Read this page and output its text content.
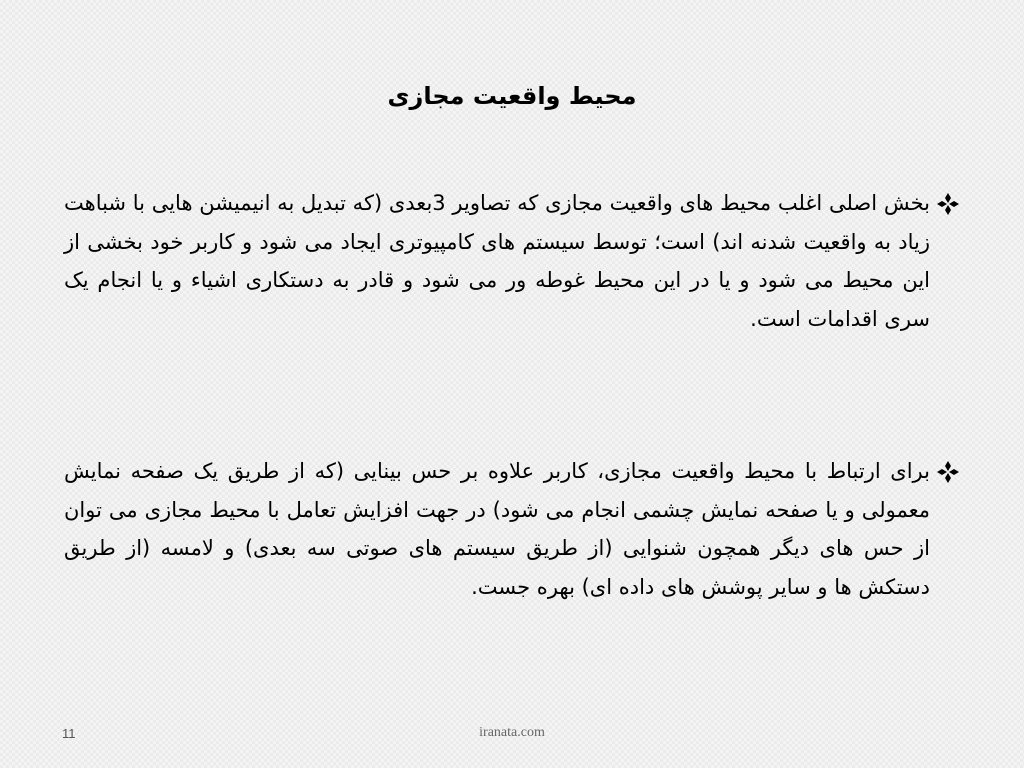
محیط واقعیت مجازی
بخش اصلی اغلب محیط های واقعیت مجازی که تصاویر 3بعدی (که تبدیل به انیمیشن هایی با شباهت زیاد به واقعیت شدنه اند) است؛ توسط سیستم های کامپیوتری ایجاد می شود و کاربر خود بخشی از این محیط می شود و یا در این محیط غوطه ور می شود و قادر به دستکاری اشیاء و یا انجام یک سری اقدامات است.
برای ارتباط با محیط واقعیت مجازی، کاربر علاوه بر حس بینایی (که از طریق یک صفحه نمایش معمولی و یا صفحه نمایش چشمی انجام می شود) در جهت افزایش تعامل با محیط مجازی می توان از حس های دیگر همچون شنوایی (از طریق سیستم های صوتی سه بعدی) و لامسه (از طریق دستکش ها و سایر پوشش های داده ای) بهره جست.
11	iranata.com
